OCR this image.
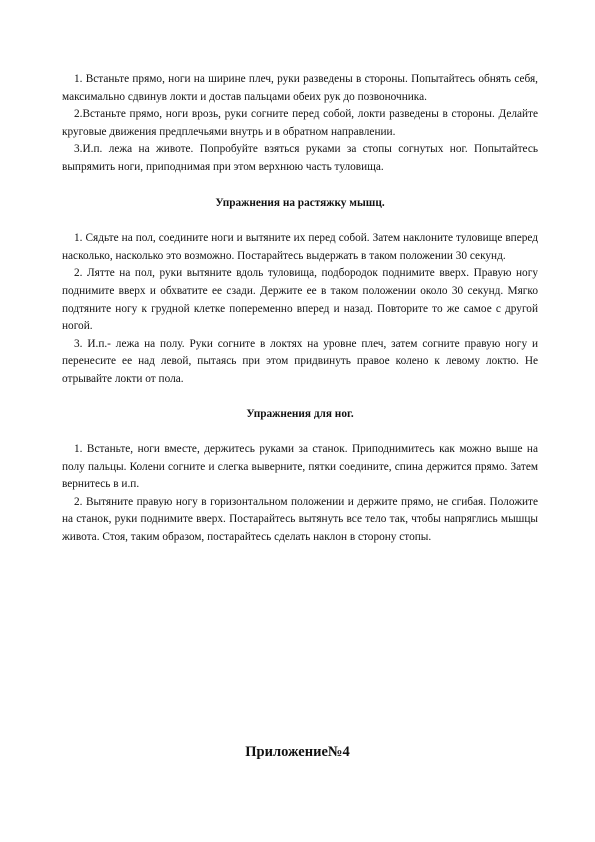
1. Встаньте прямо, ноги на ширине плеч, руки разведены в стороны. Попытайтесь обнять себя, максимально сдвинув локти и достав пальцами обеих рук до позвоночника.

2.Встаньте прямо, ноги врозь, руки согните перед собой, локти разведены в стороны. Делайте круговые движения предплечьями внутрь и в обратном направлении.

3.И.п. лежа на животе. Попробуйте взяться руками за стопы согнутых ног. Попытайтесь выпрямить ноги, приподнимая при этом верхнюю часть туловища.

Упражнения на растяжку мышц.

1. Сядьте на пол, соедините ноги и вытяните их перед собой. Затем наклоните туловище вперед насколько, насколько это возможно. Постарайтесь выдержать в таком положении 30 секунд.

2. Лятте на пол, руки вытяните вдоль туловища, подбородок поднимите вверх. Правую ногу поднимите вверх и обхватите ее сзади. Держите ее в таком положении около 30 секунд. Мягко подтяните ногу к грудной клетке попеременно вперед и назад. Повторите то же самое с другой ногой.

3. И.п.- лежа на полу. Руки согните в локтях на уровне плеч, затем согните правую ногу и перенесите ее над левой, пытаясь при этом придвинуть правое колено к левому локтю. Не отрывайте локти от пола.

Упражнения для ног.

1. Встаньте, ноги вместе, держитесь руками за станок. Приподнимитесь как можно выше на полу пальцы. Колени согните и слегка выверните, пятки соедините, спина держится прямо. Затем вернитесь в и.п.

2. Вытяните правую ногу в горизонтальном положении и держите прямо, не сгибая. Положите на станок, руки поднимите вверх. Постарайтесь вытянуть все тело так, чтобы напряглись мышцы живота. Стоя, таким образом, постарайтесь сделать наклон в сторону стопы.

Приложение№4
